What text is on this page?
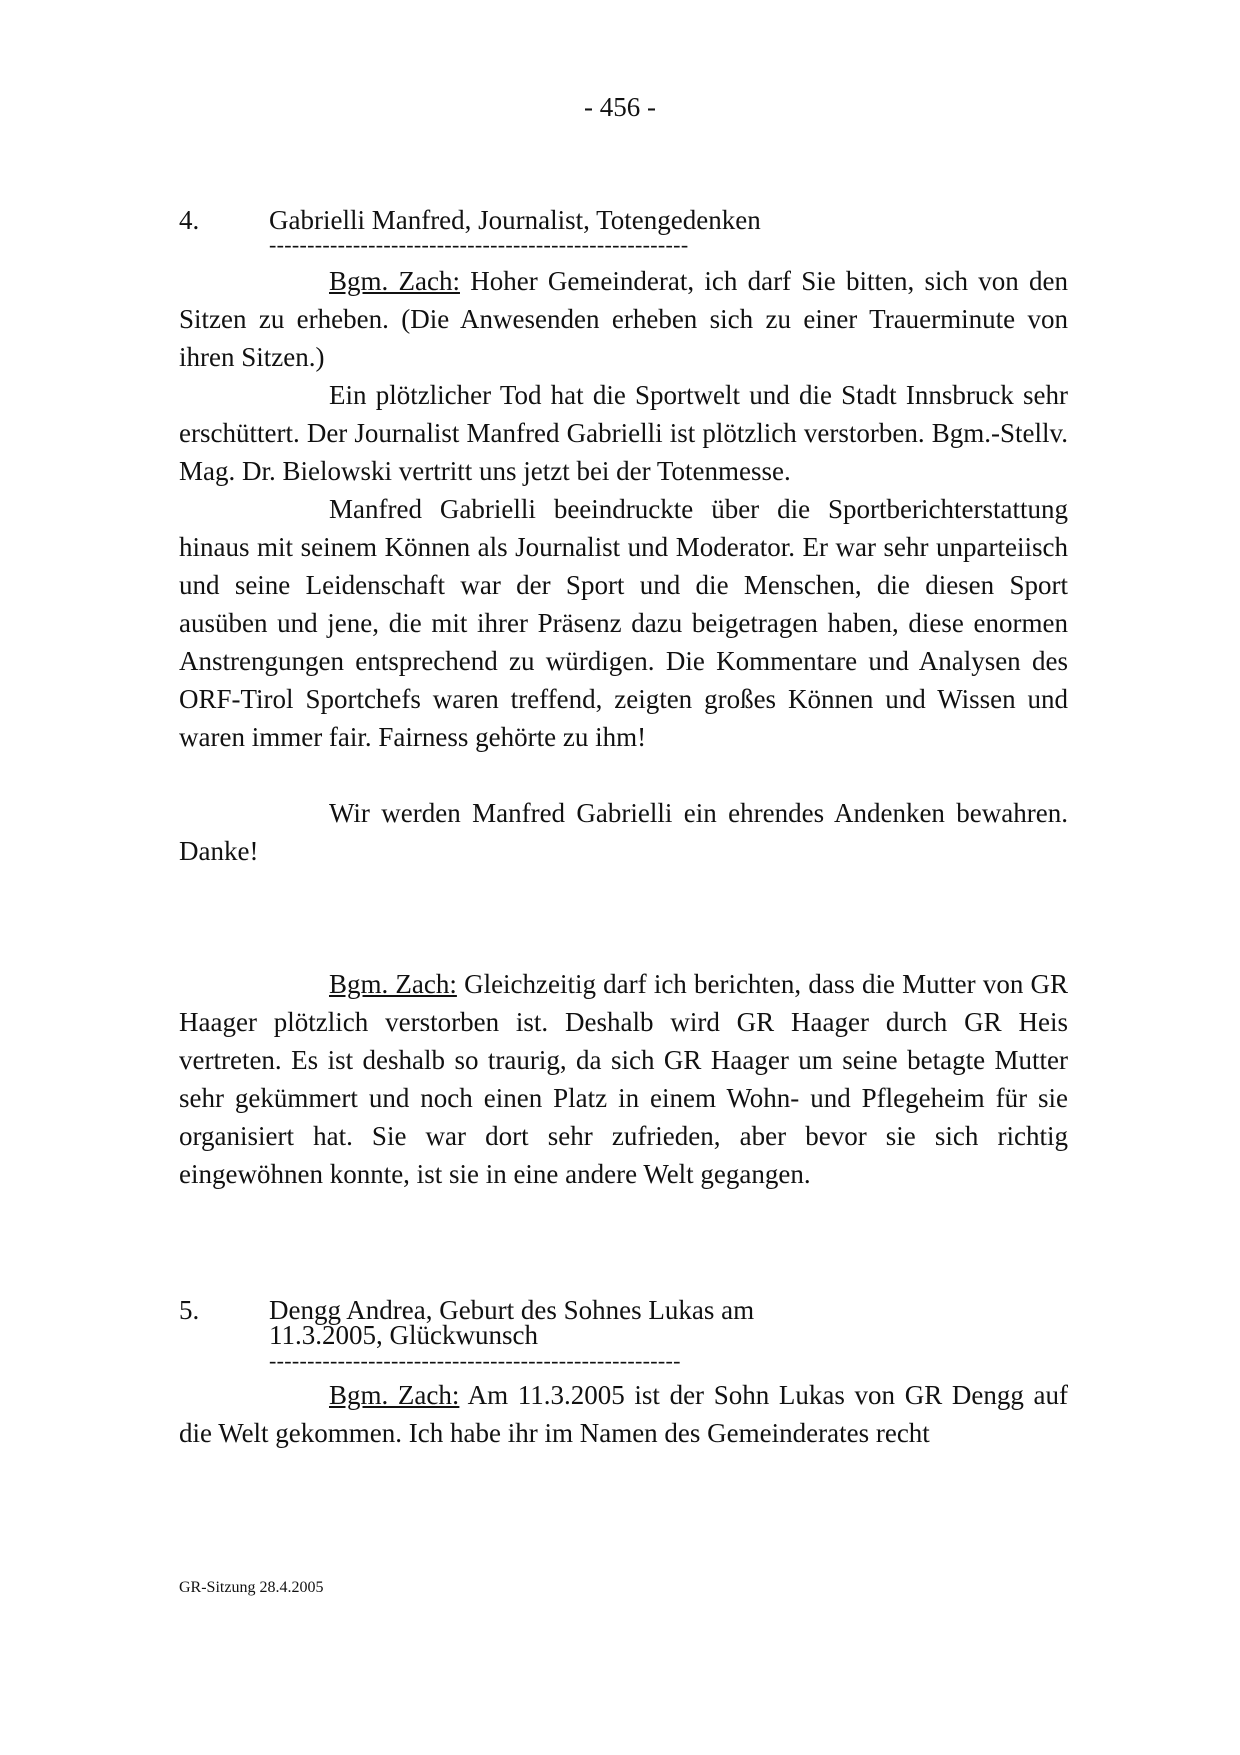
- 456 -
4.	Gabrielli Manfred, Journalist, Totengedenken
-------------------------------------------------------

Bgm. Zach: Hoher Gemeinderat, ich darf Sie bitten, sich von den Sitzen zu erheben. (Die Anwesenden erheben sich zu einer Trauerminute von ihren Sitzen.)

Ein plötzlicher Tod hat die Sportwelt und die Stadt Innsbruck sehr erschüttert. Der Journalist Manfred Gabrielli ist plötzlich verstorben. Bgm.-Stellv. Mag. Dr. Bielowski vertritt uns jetzt bei der Totenmesse.

Manfred Gabrielli beeindruckte über die Sportberichterstattung hinaus mit seinem Können als Journalist und Moderator. Er war sehr unparteiisch und seine Leidenschaft war der Sport und die Menschen, die diesen Sport ausüben und jene, die mit ihrer Präsenz dazu beigetragen haben, diese enormen Anstrengungen entsprechend zu würdigen. Die Kommentare und Analysen des ORF-Tirol Sportchefs waren treffend, zeigten großes Können und Wissen und waren immer fair. Fairness gehörte zu ihm!

Wir werden Manfred Gabrielli ein ehrendes Andenken bewahren. Danke!

Bgm. Zach: Gleichzeitig darf ich berichten, dass die Mutter von GR Haager plötzlich verstorben ist. Deshalb wird GR Haager durch GR Heis vertreten. Es ist deshalb so traurig, da sich GR Haager um seine betagte Mutter sehr gekümmert und noch einen Platz in einem Wohn- und Pflegeheim für sie organisiert hat. Sie war dort sehr zufrieden, aber bevor sie sich richtig eingewöhnen konnte, ist sie in eine andere Welt gegangen.

5.	Dengg Andrea, Geburt des Sohnes Lukas am
11.3.2005, Glückwunsch
------------------------------------------------------

Bgm. Zach: Am 11.3.2005 ist der Sohn Lukas von GR Dengg auf die Welt gekommen. Ich habe ihr im Namen des Gemeinderates recht

GR-Sitzung 28.4.2005
